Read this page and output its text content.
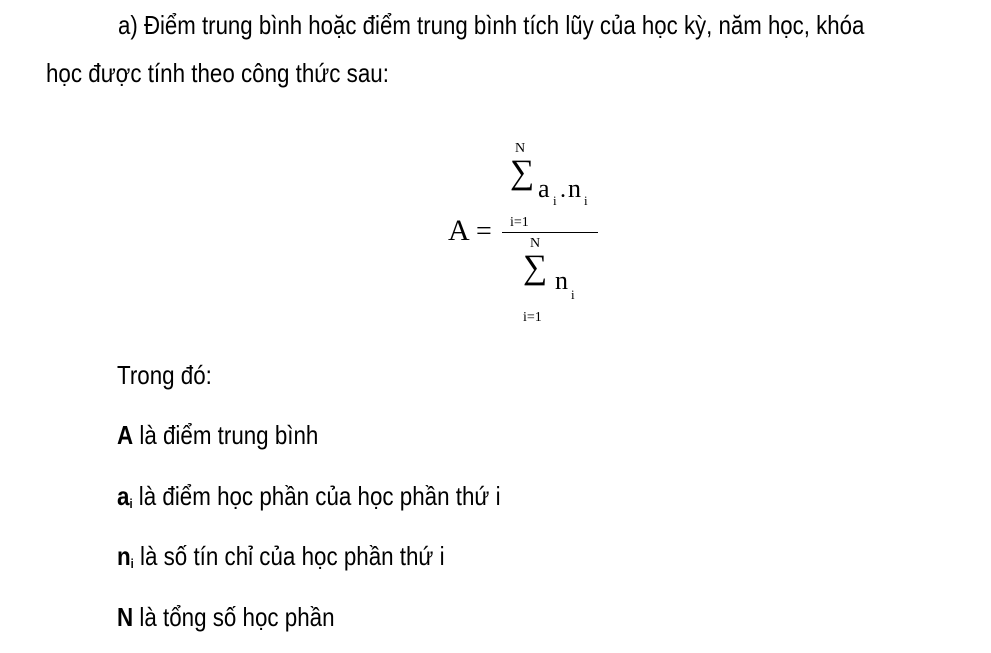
a) Điểm trung bình hoặc điểm trung bình tích lũy của học kỳ, năm học, khóa
học được tính theo công thức sau:
A =
N
∑
i=1
a i . n i
N
∑ n i
i=1
Trong đó:
A là điểm trung bình
$a_i$ là điểm học phần của học phần thứ i
$n_i$ là số tín chỉ của học phần thứ i
N là tổng số học phần
